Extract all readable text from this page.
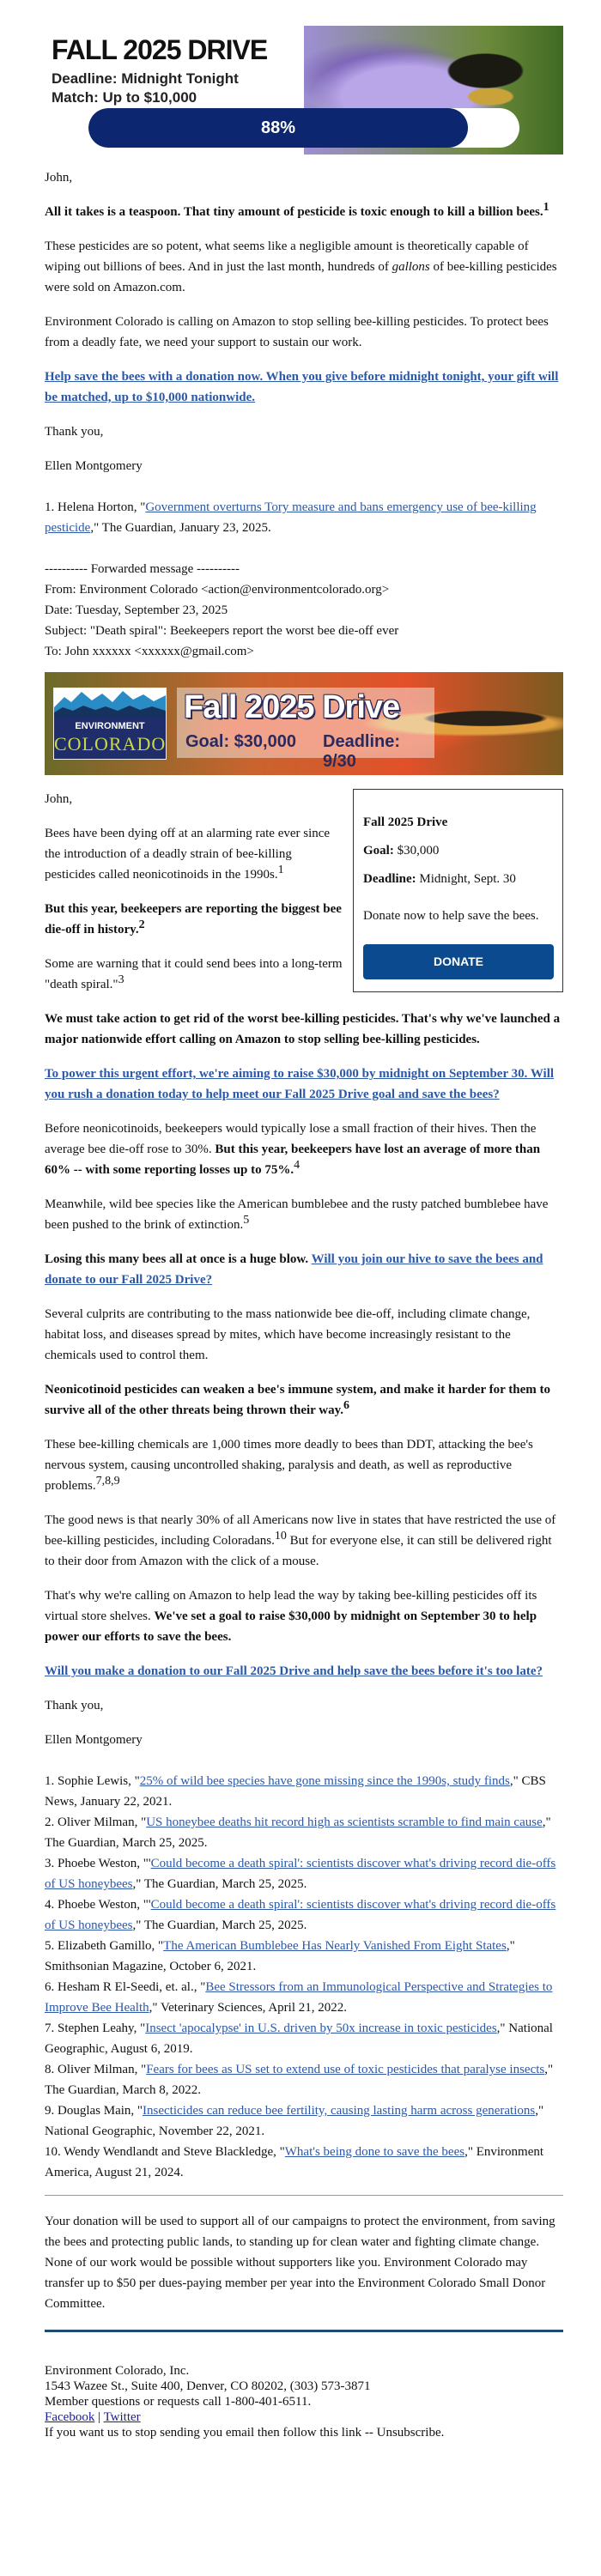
FALL 2025 DRIVE
Deadline: Midnight Tonight
Match: Up to $10,000
88%

John,

All it takes is a teaspoon. That tiny amount of pesticide is toxic enough to kill a billion bees.$^1$

These pesticides are so potent, what seems like a negligible amount is theoretically capable of wiping out billions of bees. And in just the last month, hundreds of gallons of bee-killing pesticides were sold on Amazon.com.

Environment Colorado is calling on Amazon to stop selling bee-killing pesticides. To protect bees from a deadly fate, we need your support to sustain our work.

Help save the bees with a donation now. When you give before midnight tonight, your gift will be matched, up to $10,000 nationwide.

Thank you,

Ellen Montgomery

1. Helena Horton, "Government overturns Tory measure and bans emergency use of bee-killing pesticide," The Guardian, January 23, 2025.

---------- Forwarded message ----------

From: Environment Colorado <action@environmentcolorado.org>

Date: Tuesday, September 23, 2025

Subject: "Death spiral": Beekeepers report the worst bee die-off ever

To: John xxxxxx <xxxxxx@gmail.com>

ENVIRONMENT
COLORADO
Fall 2025 Drive
Goal: $30,000 Deadline: 9/30

Fall 2025 Drive

Goal: $30,000

Deadline: Midnight, Sept. 30

Donate now to help save the bees.

DONATE

John,

Bees have been dying off at an alarming rate ever since the introduction of a deadly strain of bee-killing pesticides called neonicotinoids in the 1990s.$^1$

But this year, beekeepers are reporting the biggest bee die-off in history.$^2$

Some are warning that it could send bees into a long-term "death spiral."$^3$

We must take action to get rid of the worst bee-killing pesticides. That's why we've launched a major nationwide effort calling on Amazon to stop selling bee-killing pesticides.

To power this urgent effort, we're aiming to raise $30,000 by midnight on September 30. Will you rush a donation today to help meet our Fall 2025 Drive goal and save the bees?

Before neonicotinoids, beekeepers would typically lose a small fraction of their hives. Then the average bee die-off rose to 30%. But this year, beekeepers have lost an average of more than 60% -- with some reporting losses up to 75%.$^4$

Meanwhile, wild bee species like the American bumblebee and the rusty patched bumblebee have been pushed to the brink of extinction.$^5$

Losing this many bees all at once is a huge blow. Will you join our hive to save the bees and donate to our Fall 2025 Drive?

Several culprits are contributing to the mass nationwide bee die-off, including climate change, habitat loss, and diseases spread by mites, which have become increasingly resistant to the chemicals used to control them.

Neonicotinoid pesticides can weaken a bee's immune system, and make it harder for them to survive all of the other threats being thrown their way.$^6$

These bee-killing chemicals are 1,000 times more deadly to bees than DDT, attacking the bee's nervous system, causing uncontrolled shaking, paralysis and death, as well as reproductive problems.$^{7,8,9}$

The good news is that nearly 30% of all Americans now live in states that have restricted the use of bee-killing pesticides, including Coloradans.$^{10}$ But for everyone else, it can still be delivered right to their door from Amazon with the click of a mouse.

That's why we're calling on Amazon to help lead the way by taking bee-killing pesticides off its virtual store shelves. We've set a goal to raise $30,000 by midnight on September 30 to help power our efforts to save the bees.

Will you make a donation to our Fall 2025 Drive and help save the bees before it's too late?

Thank you,

Ellen Montgomery

1. Sophie Lewis, "25% of wild bee species have gone missing since the 1990s, study finds," CBS News, January 22, 2021.

2. Oliver Milman, "US honeybee deaths hit record high as scientists scramble to find main cause," The Guardian, March 25, 2025.

3. Phoebe Weston, "'Could become a death spiral': scientists discover what's driving record die-offs of US honeybees," The Guardian, March 25, 2025.

4. Phoebe Weston, "'Could become a death spiral': scientists discover what's driving record die-offs of US honeybees," The Guardian, March 25, 2025.

5. Elizabeth Gamillo, "The American Bumblebee Has Nearly Vanished From Eight States," Smithsonian Magazine, October 6, 2021.

6. Hesham R El-Seedi, et. al., "Bee Stressors from an Immunological Perspective and Strategies to Improve Bee Health," Veterinary Sciences, April 21, 2022.

7. Stephen Leahy, "Insect 'apocalypse' in U.S. driven by 50x increase in toxic pesticides," National Geographic, August 6, 2019.

8. Oliver Milman, "Fears for bees as US set to extend use of toxic pesticides that paralyse insects," The Guardian, March 8, 2022.

9. Douglas Main, "Insecticides can reduce bee fertility, causing lasting harm across generations," National Geographic, November 22, 2021.

10. Wendy Wendlandt and Steve Blackledge, "What's being done to save the bees," Environment America, August 21, 2024.

Your donation will be used to support all of our campaigns to protect the environment, from saving the bees and protecting public lands, to standing up for clean water and fighting climate change. None of our work would be possible without supporters like you. Environment Colorado may transfer up to $50 per dues-paying member per year into the Environment Colorado Small Donor Committee.

Environment Colorado, Inc.
1543 Wazee St., Suite 400, Denver, CO 80202, (303) 573-3871
Member questions or requests call 1-800-401-6511.
Facebook | Twitter
If you want us to stop sending you email then follow this link -- Unsubscribe.
